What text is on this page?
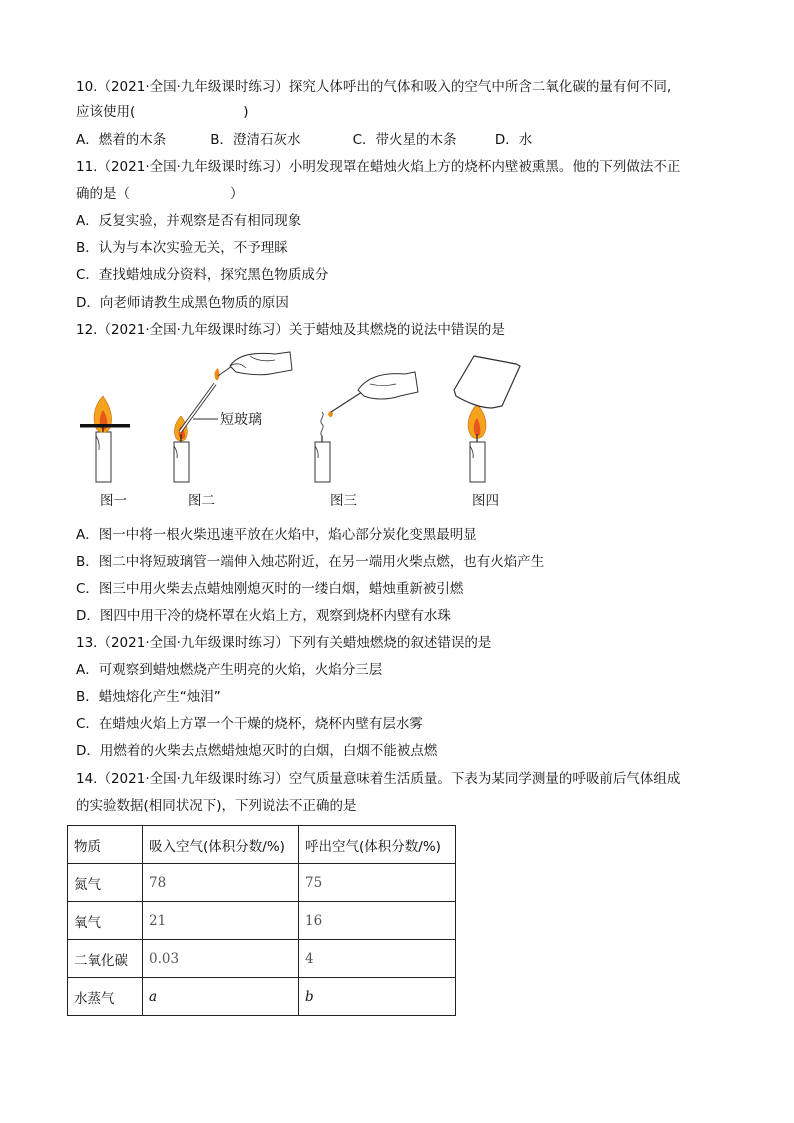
10.（2021·全国·九年级课时练习）探究人体呼出的气体和吸入的空气中所含二氧化碳的量有何不同,
应该使用(	)
A．燃着的木条	B．澄清石灰水	C．带火星的木条	D．水
11.（2021·全国·九年级课时练习）小明发现罩在蜡烛火焰上方的烧杯内壁被熏黑。他的下列做法不正
确的是（	）
A．反复实验，并观察是否有相同现象
B．认为与本次实验无关，不予理睬
C．查找蜡烛成分资料，探究黑色物质成分
D．向老师请教生成黑色物质的原因
12.（2021·全国·九年级课时练习）关于蜡烛及其燃烧的说法中错误的是
短玻璃
图一	图二	图三	图四
A．图一中将一根火柴迅速平放在火焰中，焰心部分炭化变黑最明显
B．图二中将短玻璃管一端伸入烛芯附近，在另一端用火柴点燃，也有火焰产生
C．图三中用火柴去点蜡烛刚熄灭时的一缕白烟，蜡烛重新被引燃
D．图四中用干冷的烧杯罩在火焰上方，观察到烧杯内壁有水珠
13.（2021·全国·九年级课时练习）下列有关蜡烛燃烧的叙述错误的是
A．可观察到蜡烛燃烧产生明亮的火焰，火焰分三层
B．蜡烛熔化产生“烛泪”
C．在蜡烛火焰上方罩一个干燥的烧杯，烧杯内壁有层水雾
D．用燃着的火柴去点燃蜡烛熄灭时的白烟，白烟不能被点燃
14.（2021·全国·九年级课时练习）空气质量意味着生活质量。下表为某同学测量的呼吸前后气体组成
的实验数据(相同状况下)，下列说法不正确的是
物质	吸入空气(体积分数/%)	呼出空气(体积分数/%)
氮气	78	75
氧气	21	16
二氧化碳	0.03	4
水蒸气	a	b
